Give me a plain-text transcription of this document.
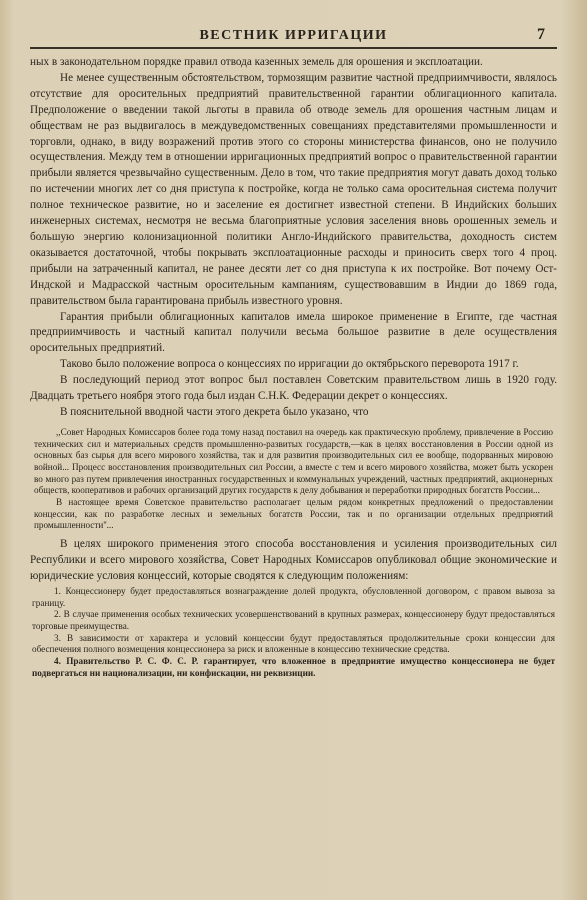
ВЕСТНИК ИРРИГАЦИИ	7

ных в законодательном порядке правил отвода казенных земель для орошения и эксплоатации.

Не менее существенным обстоятельством, тормозящим развитие частной предприимчивости, являлось отсутствие для оросительных предприятий правительственной гарантии облигационного капитала. Предположение о введении такой льготы в правила об отводе земель для орошения частным лицам и обществам не раз выдвигалось в междуведомственных совещаниях представителями промышленности и торговли, однако, в виду возражений против этого со стороны министерства финансов, оно не получило осуществления. Между тем в отношении ирригационных предприятий вопрос о правительственной гарантии прибыли является чрезвычайно существенным. Дело в том, что такие предприятия могут давать доход только по истечении многих лет со дня приступа к постройке, когда не только сама оросительная система получит полное техническое развитие, но и заселение ея достигнет известной степени. В Индийских больших инженерных системах, несмотря не весьма благоприятные условия заселения вновь орошенных земель и большую энергию колонизационной политики Англо-Индийского правительства, доходность систем оказывается достаточной, чтобы покрывать эксплоатационные расходы и приносить сверх того 4 проц. прибыли на затраченный капитал, не ранее десяти лет со дня приступа к их постройке. Вот почему Ост-Индской и Мадрасской частным оросительным кампаниям, существовавшим в Индии до 1869 года, правительством была гарантирована прибыль известного уровня.

Гарантия прибыли облигационных капиталов имела широкое применение в Египте, где частная предприимчивость и частный капитал получили весьма большое развитие в деле осуществления оросительных предприятий.

Таково было положение вопроса о концессиях по ирригации до октябрьского переворота 1917 г.

В последующий период этот вопрос был поставлен Советским правительством лишь в 1920 году. Двадцать третьего ноября этого года был издан С.Н.К. Федерации декрет о концессиях.

В пояснительной вводной части этого декрета было указано, что

,,Совет Народных Комиссаров более года тому назад поставил на очередь как практическую проблему, привлечение в Россию технических сил и материальных средств промышленно-развитых государств,—как в целях восстановления в России одной из основных баз сырья для всего мирового хозяйства, так и для развития производительных сил ее вообще, подорванных мировою войной... Процесс восстановления производительных сил России, а вместе с тем и всего мирового хозяйства, может быть ускорен во много раз путем привлечения иностранных государственных и коммунальных учреждений, частных предприятий, акционерных обществ, кооперативов и рабочих организаций других государств к делу добывания и переработки природных богатств России...

В настоящее время Советское правительство располагает целым рядом конкретных предложений о предоставлении концессии, как по разработке лесных и земельных богатств России, так и по организации отдельных предприятий промышленности''...

В целях широкого применения этого способа восстановления и усиления производительных сил Республики и всего мирового хозяйства, Совет Народных Комиссаров опубликовал общие экономические и юридические условия концессий, которые сводятся к следующим положениям:

1. Концессионеру будет предоставляться вознаграждение долей продукта, обусловленной договором, с правом вывоза за границу.

2. В случае применения особых технических усовершенствований в крупных размерах, концессионеру будут предоставляться торговые преимущества.

3. В зависимости от характера и условий концессии будут предоставляться продолжительные сроки концессии для обеспечения полного возмещения концессионера за риск и вложенные в концессию технические средства.

4. Правительство Р. С. Ф. С. Р. гарантирует, что вложенное в предприятие имущество концессионера не будет подвергаться ни национализации, ни конфискации, ни реквизиции.
